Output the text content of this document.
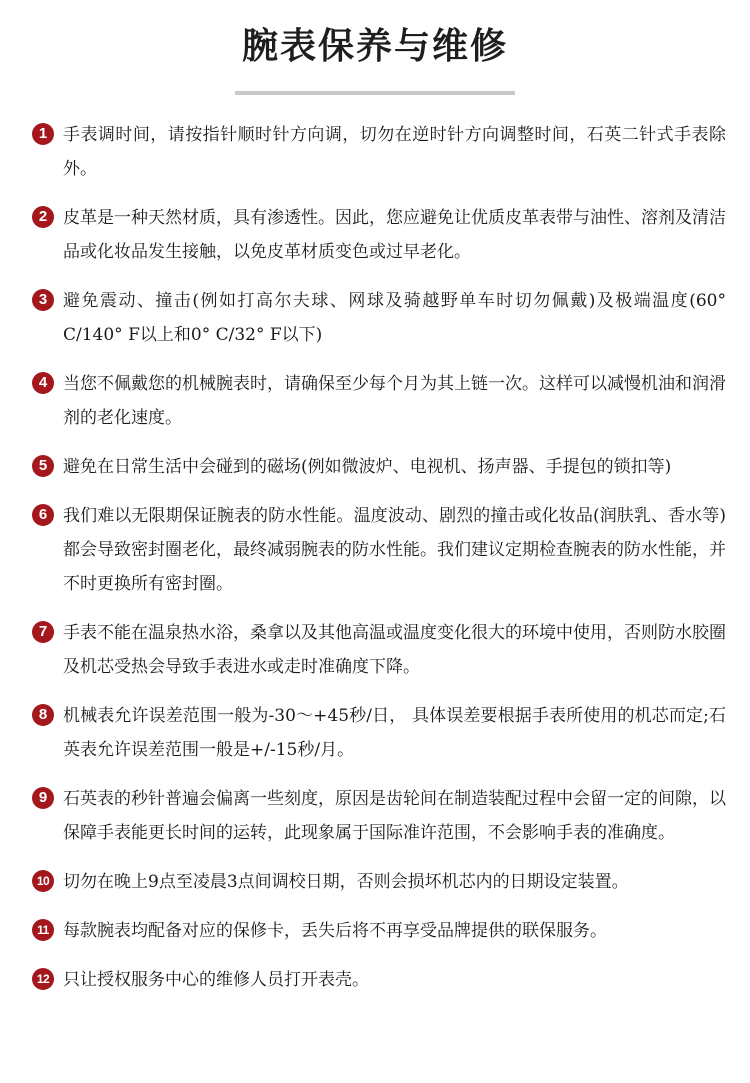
腕表保养与维修
1 手表调时间，请按指针顺时针方向调，切勿在逆时针方向调整时间，石英二针式手表除外。
2 皮革是一种天然材质，具有渗透性。因此，您应避免让优质皮革表带与油性、溶剂及清洁品或化妆品发生接触，以免皮革材质变色或过早老化。
3 避免震动、撞击(例如打高尔夫球、网球及骑越野单车时切勿佩戴)及极端温度(60° C/140° F以上和0° C/32° F以下)
4 当您不佩戴您的机械腕表时，请确保至少每个月为其上链一次。这样可以减慢机油和润滑剂的老化速度。
5 避免在日常生活中会碰到的磁场(例如微波炉、电视机、扬声器、手提包的锁扣等)
6 我们难以无限期保证腕表的防水性能。温度波动、剧烈的撞击或化妆品(润肤乳、香水等)都会导致密封圈老化，最终减弱腕表的防水性能。我们建议定期检查腕表的防水性能，并不时更换所有密封圈。
7 手表不能在温泉热水浴，桑拿以及其他高温或温度变化很大的环境中使用，否则防水胶圈及机芯受热会导致手表进水或走时准确度下降。
8 机械表允许误差范围一般为-30～+45秒/日， 具体误差要根据手表所使用的机芯而定;石英表允许误差范围一般是+/-15秒/月。
9 石英表的秒针普遍会偏离一些刻度，原因是齿轮间在制造装配过程中会留一定的间隙，以保障手表能更长时间的运转，此现象属于国际准许范围，不会影响手表的准确度。
10 切勿在晚上9点至凌晨3点间调校日期，否则会损坏机芯内的日期设定装置。
11 每款腕表均配备对应的保修卡，丢失后将不再享受品牌提供的联保服务。
12 只让授权服务中心的维修人员打开表壳。
